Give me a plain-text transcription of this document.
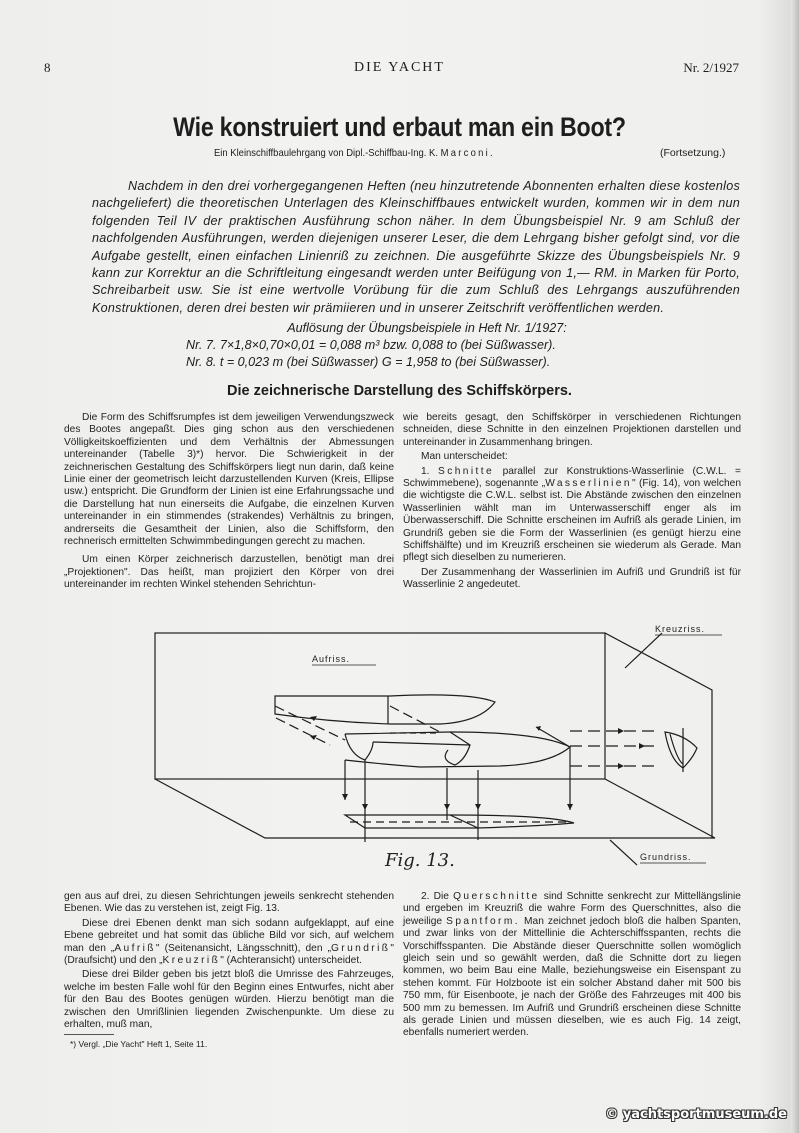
8	DIE YACHT	Nr. 2/1927
Wie konstruiert und erbaut man ein Boot?
Ein Kleinschiffbaulehrgang von Dipl.-Schiffbau-Ing. K. Marconi.	(Fortsetzung.)

Nachdem in den drei vorhergegangenen Heften (neu hinzutretende Abonnenten erhalten diese kostenlos nachgeliefert) die theoretischen Unterlagen des Kleinschiffbaues entwickelt wurden, kommen wir in dem nun folgenden Teil IV der praktischen Ausführung schon näher. In dem Übungsbeispiel Nr. 9 am Schluß der nachfolgenden Ausführungen, werden diejenigen unserer Leser, die dem Lehrgang bisher gefolgt sind, vor die Aufgabe gestellt, einen einfachen Linienriß zu zeichnen. Die ausgeführte Skizze des Übungsbeispiels Nr. 9 kann zur Korrektur an die Schriftleitung eingesandt werden unter Beifügung von 1,— RM. in Marken für Porto, Schreibarbeit usw. Sie ist eine wertvolle Vorübung für die zum Schluß des Lehrgangs auszuführenden Konstruktionen, deren drei besten wir prämiieren und in unserer Zeitschrift veröffentlichen werden.

Auflösung der Übungsbeispiele in Heft Nr. 1/1927:
Nr. 7. 7×1,8×0,70×0,01 = 0,088 m³ bzw. 0,088 to (bei Süßwasser).
Nr. 8. t = 0,023 m (bei Süßwasser) G = 1,958 to (bei Süßwasser).
Die zeichnerische Darstellung des Schiffskörpers.

Die Form des Schiffsrumpfes ist dem jeweiligen Verwendungszweck des Bootes angepaßt. Dies ging schon aus den verschiedenen Völligkeitskoeffizienten und dem Verhältnis der Abmessungen untereinander (Tabelle 3)*) hervor. Die Schwierigkeit in der zeichnerischen Gestaltung des Schiffskörpers liegt nun darin, daß keine Linie einer der geometrisch leicht darzustellenden Kurven (Kreis, Ellipse usw.) entspricht. Die Grundform der Linien ist eine Erfahrungssache und die Darstellung hat nun einerseits die Aufgabe, die einzelnen Kurven untereinander in ein stimmendes (strakendes) Verhältnis zu bringen, andrerseits die Gesamtheit der Linien, also die Schiffsform, den rechnerisch ermittelten Schwimmbedingungen gerecht zu machen.

Um einen Körper zeichnerisch darzustellen, benötigt man drei „Projektionen". Das heißt, man projiziert den Körper von drei untereinander im rechten Winkel stehenden Sehrichtun-

wie bereits gesagt, den Schiffskörper in verschiedenen Richtungen schneiden, diese Schnitte in den einzelnen Projektionen darstellen und untereinander in Zusammenhang bringen.

Man unterscheidet:

1. Schnitte parallel zur Konstruktions-Wasserlinie (C.W.L. = Schwimmebene), sogenannte „Wasserlinien" (Fig. 14), von welchen die wichtigste die C.W.L. selbst ist. Die Abstände zwischen den einzelnen Wasserlinien wählt man im Unterwasserschiff enger als im Überwasserschiff. Die Schnitte erscheinen im Aufriß als gerade Linien, im Grundriß geben sie die Form der Wasserlinien (es genügt hierzu eine Schiffshälfte) und im Kreuzriß erscheinen sie wiederum als Gerade. Man pflegt sich dieselben zu numerieren.

Der Zusammenhang der Wasserlinien im Aufriß und Grundriß ist für Wasserlinie 2 angedeutet.

Aufriss.
Kreuzriss.
Grundriss.
Fig. 13.

gen aus auf drei, zu diesen Sehrichtungen jeweils senkrecht stehenden Ebenen. Wie das zu verstehen ist, zeigt Fig. 13.

Diese drei Ebenen denkt man sich sodann aufgeklappt, auf eine Ebene gebreitet und hat somit das übliche Bild vor sich, auf welchem man den „Aufriß" (Seitenansicht, Längsschnitt), den „Grundriß" (Draufsicht) und den „Kreuzriß" (Achteransicht) unterscheidet.

Diese drei Bilder geben bis jetzt bloß die Umrisse des Fahrzeuges, welche im besten Falle wohl für den Beginn eines Entwurfes, nicht aber für den Bau des Bootes genügen würden. Hierzu benötigt man die zwischen den Umrißlinien liegenden Zwischenpunkte. Um diese zu erhalten, muß man,

*) Vergl. „Die Yacht" Heft 1, Seite 11.

2. Die Querschnitte sind Schnitte senkrecht zur Mittellängslinie und ergeben im Kreuzriß die wahre Form des Querschnittes, also die jeweilige Spantform. Man zeichnet jedoch bloß die halben Spanten, und zwar links von der Mittellinie die Achterschiffsspanten, rechts die Vorschiffsspanten. Die Abstände dieser Querschnitte sollen womöglich gleich sein und so gewählt werden, daß die Schnitte dort zu liegen kommen, wo beim Bau eine Malle, beziehungsweise ein Eisenspant zu stehen kommt. Für Holzboote ist ein solcher Abstand daher mit 500 bis 750 mm, für Eisenboote, je nach der Größe des Fahrzeuges mit 400 bis 500 mm zu bemessen. Im Aufriß und Grundriß erscheinen diese Schnitte als gerade Linien und müssen dieselben, wie es auch Fig. 14 zeigt, ebenfalls numeriert werden.

© yachtsportmuseum.de
